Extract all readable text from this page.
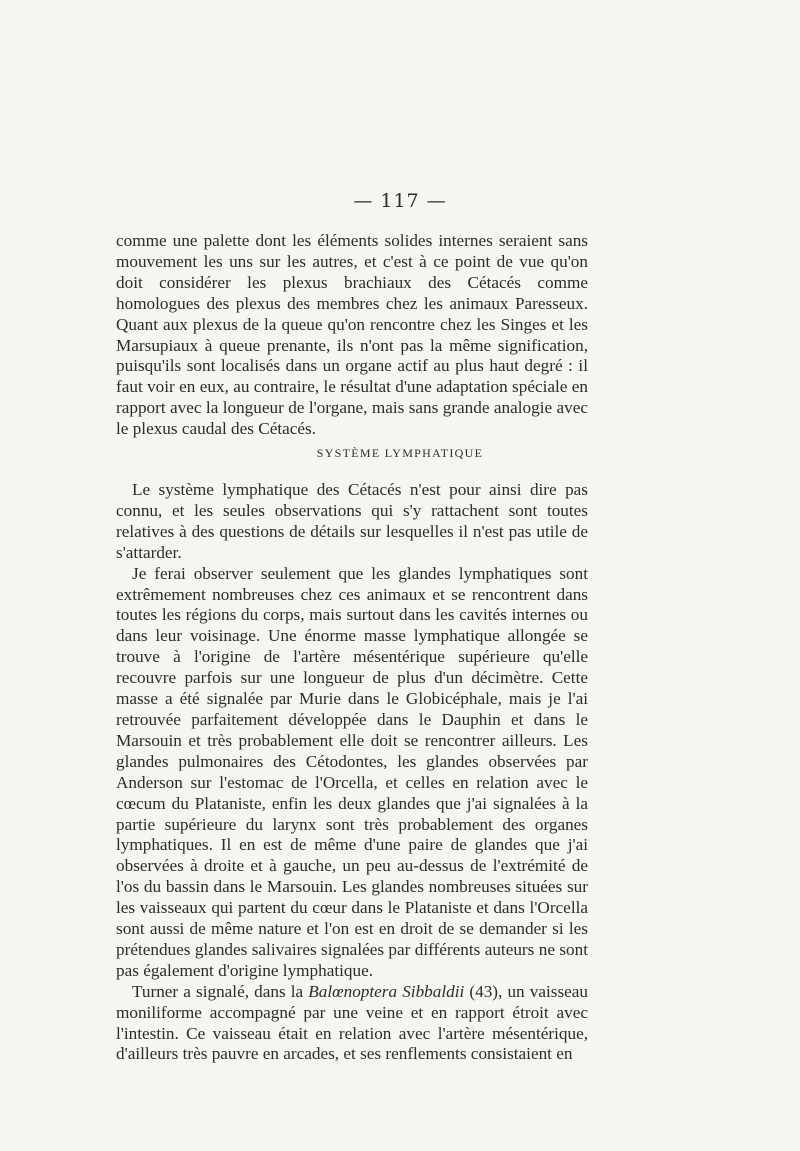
— 117 —

comme une palette dont les éléments solides internes seraient sans mouvement les uns sur les autres, et c'est à ce point de vue qu'on doit considérer les plexus brachiaux des Cétacés comme homologues des plexus des membres chez les animaux Paresseux. Quant aux plexus de la queue qu'on rencontre chez les Singes et les Marsupiaux à queue prenante, ils n'ont pas la même signification, puisqu'ils sont localisés dans un organe actif au plus haut degré : il faut voir en eux, au contraire, le résultat d'une adaptation spéciale en rapport avec la longueur de l'organe, mais sans grande analogie avec le plexus caudal des Cétacés.

SYSTÈME LYMPHATIQUE

Le système lymphatique des Cétacés n'est pour ainsi dire pas connu, et les seules observations qui s'y rattachent sont toutes relatives à des questions de détails sur lesquelles il n'est pas utile de s'attarder.

Je ferai observer seulement que les glandes lymphatiques sont extrêmement nombreuses chez ces animaux et se rencontrent dans toutes les régions du corps, mais surtout dans les cavités internes ou dans leur voisinage. Une énorme masse lymphatique allongée se trouve à l'origine de l'artère mésentérique supérieure qu'elle recouvre parfois sur une longueur de plus d'un décimètre. Cette masse a été signalée par Murie dans le Globicéphale, mais je l'ai retrouvée parfaitement développée dans le Dauphin et dans le Marsouin et très probablement elle doit se rencontrer ailleurs. Les glandes pulmonaires des Cétodontes, les glandes observées par Anderson sur l'estomac de l'Orcella, et celles en relation avec le cœcum du Plataniste, enfin les deux glandes que j'ai signalées à la partie supérieure du larynx sont très probablement des organes lymphatiques. Il en est de même d'une paire de glandes que j'ai observées à droite et à gauche, un peu au-dessus de l'extrémité de l'os du bassin dans le Marsouin. Les glandes nombreuses situées sur les vaisseaux qui partent du cœur dans le Plataniste et dans l'Orcella sont aussi de même nature et l'on est en droit de se demander si les prétendues glandes salivaires signalées par différents auteurs ne sont pas également d'origine lymphatique.

Turner a signalé, dans la Balœnoptera Sibbaldii (43), un vaisseau moniliforme accompagné par une veine et en rapport étroit avec l'intestin. Ce vaisseau était en relation avec l'artère mésentérique, d'ailleurs très pauvre en arcades, et ses renflements consistaient en
